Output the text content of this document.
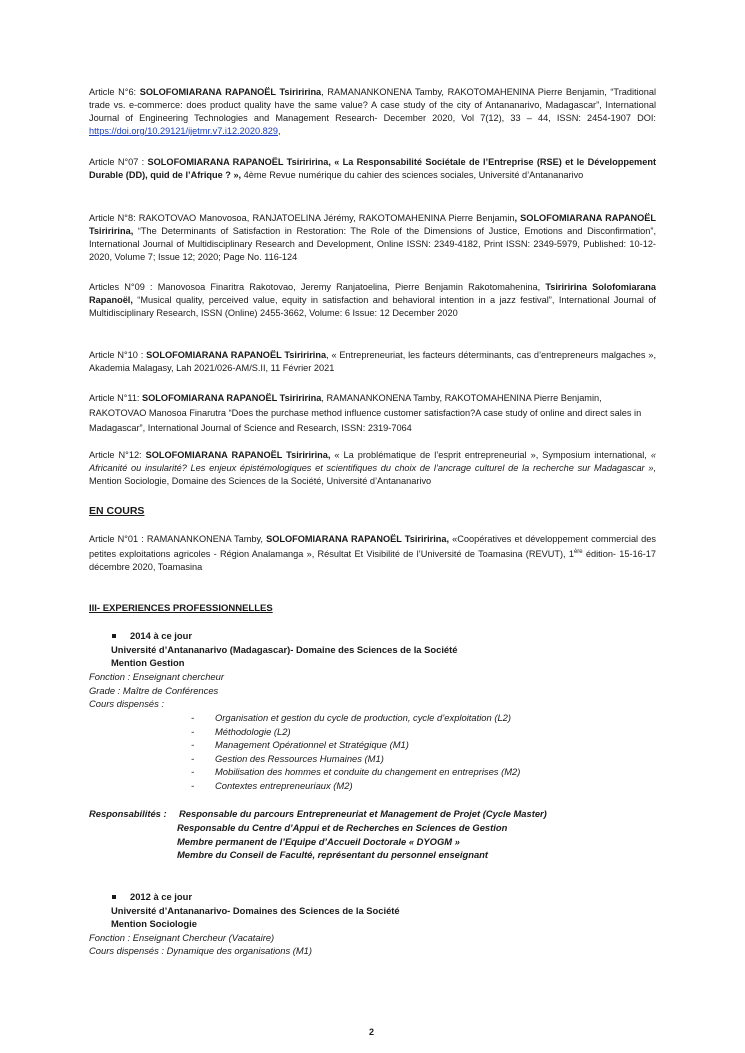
Article N°6: SOLOFOMIARANA RAPANOËL Tsiriririna, RAMANANKONENA Tamby, RAKOTOMAHENINA Pierre Benjamin, “Traditional trade vs. e-commerce: does product quality have the same value? A case study of the city of Antananarivo, Madagascar”, International Journal of Engineering Technologies and Management Research- December 2020, Vol 7(12), 33 – 44, ISSN: 2454-1907 DOI: https://doi.org/10.29121/ijetmr.v7.i12.2020.829,
Article N°07 : SOLOFOMIARANA RAPANOËL Tsiriririna, « La Responsabilité Sociétale de l’Entreprise (RSE) et le Développement Durable (DD), quid de l’Afrique ? », 4ème Revue numérique du cahier des sciences sociales, Université d’Antananarivo
Article N°8: RAKOTOVAO Manovosoa, RANJATOELINA Jérémy, RAKOTOMAHENINA Pierre Benjamin, SOLOFOMIARANA RAPANOËL Tsiriririna, “The Determinants of Satisfaction in Restoration: The Role of the Dimensions of Justice, Emotions and Disconfirmation”, International Journal of Multidisciplinary Research and Development, Online ISSN: 2349-4182, Print ISSN: 2349-5979, Published: 10-12-2020, Volume 7; Issue 12; 2020; Page No. 116-124
Articles N°09 : Manovosoa Finaritra Rakotovao, Jeremy Ranjatoelina, Pierre Benjamin Rakotomahenina, Tsiriririna Solofomiarana Rapanoël, “Musical quality, perceived value, equity in satisfaction and behavioral intention in a jazz festival”, International Journal of Multidisciplinary Research, ISSN (Online) 2455-3662, Volume: 6 Issue: 12 December 2020
Article N°10 : SOLOFOMIARANA RAPANOËL Tsiriririna, « Entrepreneuriat, les facteurs déterminants, cas d’entrepreneurs malgaches », Akademia Malagasy, Lah 2021/026-AM/S.II, 11 Février 2021
Article N°11: SOLOFOMIARANA RAPANOËL Tsiriririna, RAMANANKONENA Tamby, RAKOTOMAHENINA Pierre Benjamin, RAKOTOVAO Manosoa Finarutra “Does the purchase method influence customer satisfaction?A case study of online and direct sales in Madagascar”, International Journal of Science and Research, ISSN: 2319-7064
Article N°12: SOLOFOMIARANA RAPANOËL Tsiriririna, « La problématique de l’esprit entrepreneurial », Symposium international, « Africanité ou insularité? Les enjeux épistémologiques et scientifiques du choix de l’ancrage culturel de la recherche sur Madagascar », Mention Sociologie, Domaine des Sciences de la Société, Université d’Antananarivo
EN COURS
Article N°01 : RAMANANKONENA Tamby, SOLOFOMIARANA RAPANOËL Tsiriririna, «Coopératives et développement commercial des petites exploitations agricoles - Région Analamanga », Résultat Et Visibilité de l’Université de Toamasina (REVUT), 1ère édition- 15-16-17 décembre 2020, Toamasina
III- EXPERIENCES PROFESSIONNELLES
2014 à ce jour
Université d’Antananarivo (Madagascar)- Domaine des Sciences de la Société
Mention Gestion
Fonction : Enseignant chercheur
Grade : Maître de Conférences
Cours dispensés :
- Organisation et gestion du cycle de production, cycle d’exploitation (L2)
- Méthodologie (L2)
- Management Opérationnel et Stratégique (M1)
- Gestion des Ressources Humaines (M1)
- Mobilisation des hommes et conduite du changement en entreprises (M2)
- Contextes entrepreneuriaux (M2)
Responsabilités : Responsable du parcours Entrepreneuriat et Management de Projet (Cycle Master)
Responsable du Centre d’Appui et de Recherches en Sciences de Gestion
Membre permanent de l’Equipe d’Accueil Doctorale « DYOGM »
Membre du Conseil de Faculté, représentant du personnel enseignant
2012 à ce jour
Université d’Antananarivo- Domaines des Sciences de la Société
Mention Sociologie
Fonction : Enseignant Chercheur (Vacataire)
Cours dispensés : Dynamique des organisations (M1)
2
